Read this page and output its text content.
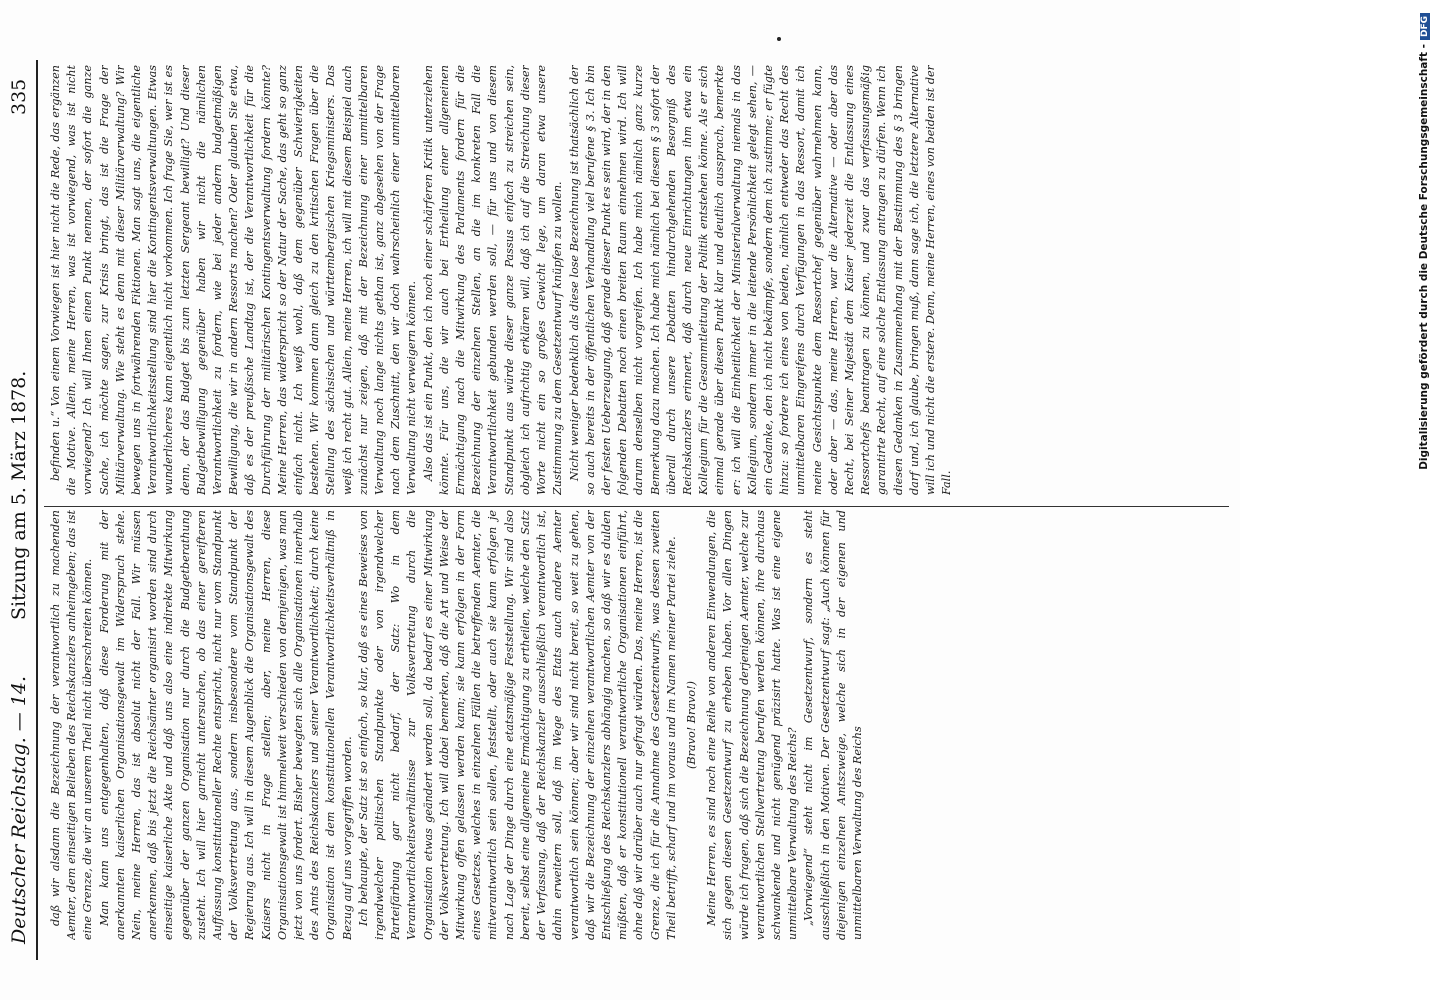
Deutscher Reichstag. — 14.
Sitzung am 5. März 1878.
335

daß wir alsdann die Bezeichnung der verantwortlich zu machenden Aemter, dem einseitigen Belieben des Reichskanzlers anheimgeben; das ist eine Grenze, die wir an unserem Theil nicht überschreiten können. Man kann uns entgegenhalten, daß diese Forderung mit der anerkannten kaiserlichen Organisationsgewalt im Widerspruch stehe. Nein, meine Herren, das ist absolut nicht der Fall. Wir müssen anerkennen, daß bis jetzt die Reichsämter organisirt worden sind durch einseitige kaiserliche Akte und daß uns also eine indirekte Mitwirkung gegenüber der ganzen Organisation nur durch die Budgetberathung zusteht. Ich will hier garnicht untersuchen, ob das einer gereifteren Auffassung konstitutioneller Rechte entspricht, nicht nur vom Standpunkt der Volksvertretung aus, sondern insbesondere vom Standpunkt der Regierung aus. Ich will in diesem Augenblick die Organisationsgewalt des Kaisers nicht in Frage stellen; aber, meine Herren, diese Organisationsgewalt ist himmelweit verschieden von demjenigen, was man jetzt von uns fordert. Bisher bewegten sich alle Organisationen innerhalb des Amts des Reichskanzlers und seiner Verantwortlichkeit; durch keine Organisation ist dem konstitutionellen Verantwortlichkeitsverhältniß in Bezug auf uns vorgegriffen worden. Ich behaupte, der Satz ist so einfach, so klar, daß es eines Beweises von irgendwelcher politischen Standpunkte oder von irgendwelcher Parteifärbung gar nicht bedarf, der Satz: Wo in dem Verantwortlichkeitsverhältnisse zur Volksvertretung durch die Organisation etwas geändert werden soll, da bedarf es einer Mitwirkung der Volksvertretung. Ich will dabei bemerken, daß die Art und Weise der Mitwirkung offen gelassen werden kann; sie kann erfolgen in der Form eines Gesetzes, welches in einzelnen Fällen die betreffenden Aemter, die mitverantwortlich sein sollen, feststellt, oder auch sie kann erfolgen je nach Lage der Dinge durch eine etatsmäßige Feststellung. Wir sind also bereit, selbst eine allgemeine Ermächtigung zu ertheilen, welche den Satz der Verfassung, daß der Reichskanzler ausschließlich verantwortlich ist, dahin erweitern soll, daß im Wege des Etats auch andere Aemter verantwortlich sein können; aber wir sind nicht bereit, so weit zu gehen, daß wir die Bezeichnung der einzelnen verantwortlichen Aemter von der Entschließung des Reichskanzlers abhängig machen, so daß wir es dulden müßten, daß er konstitutionell verantwortliche Organisationen einführt, ohne daß wir darüber auch nur gefragt würden. Das, meine Herren, ist die Grenze, die ich für die Annahme des Gesetzentwurfs, was dessen zweiten Theil betrifft, scharf und im voraus und im Namen meiner Partei ziehe. (Bravo! Bravo!) Meine Herren, es sind noch eine Reihe von anderen Einwendungen, die sich gegen diesen Gesetzentwurf zu erheben haben. Vor allen Dingen würde ich fragen, daß sich die Bezeichnung derjenigen Aemter, welche zur verantwortlichen Stellvertretung berufen werden können, ihre durchaus schwankende und nicht genügend präzisirt hatte. Was ist eine eigene unmittelbare Verwaltung des Reichs? „Vorwiegend“ steht nicht im Gesetzentwurf, sondern es steht ausschließlich in den Motiven. Der Gesetzentwurf sagt: „Auch können für diejenigen einzelnen Amtszweige, welche sich in der eigenen und unmittelbaren Verwaltung des Reichs

befinden u.“ Von einem Vorwiegen ist hier nicht die Rede, das ergänzen die Motive. Allein, meine Herren, was ist vorwiegend, was ist nicht vorwiegend? Ich will Ihnen einen Punkt nennen, der sofort die ganze Sache, ich möchte sagen, zur Krisis bringt, das ist die Frage der Militärverwaltung. Wie steht es denn mit dieser Militärverwaltung? Wir bewegen uns in fortwährenden Fiktionen. Man sagt uns, die eigentliche Verantwortlichkeitsstellung sind hier die Kontingentsverwaltungen. Etwas wunderlicheres kann eigentlich nicht vorkommen. Ich frage Sie, wer ist es denn, der das Budget bis zum letzten Sergeant bewilligt? Und dieser Budgetbewilligung gegenüber haben wir nicht die nämlichen Verantwortlichkeit zu fordern, wie bei jeder andern budgetmäßigen Bewilligung, die wir in andern Ressorts machen? Oder glauben Sie etwa, daß es der preußische Landtag ist, der die Verantwortlichkeit für die Durchführung der militärischen Kontingentsverwaltung fordern könnte? Meine Herren, das widerspricht so der Natur der Sache, das geht so ganz einfach nicht. Ich weiß wohl, daß dem gegenüber Schwierigkeiten bestehen. Wir kommen dann gleich zu den kritischen Fragen über die Stellung des sächsischen und württembergischen Kriegsministers. Das weiß ich recht gut. Allein, meine Herren, ich will mit diesem Beispiel auch zunächst nur zeigen, daß mit der Bezeichnung einer unmittelbaren Verwaltung noch lange nichts gethan ist, ganz abgesehen von der Frage nach dem Zuschnitt, den wir doch wahrscheinlich einer unmittelbaren Verwaltung nicht verweigern können. Also das ist ein Punkt, den ich noch einer schärferen Kritik unterziehen könnte. Für uns, die wir auch bei Ertheilung einer allgemeinen Ermächtigung nach die Mitwirkung des Parlaments fordern für die Bezeichnung der einzelnen Stellen, an die im konkreten Fall die Verantwortlichkeit gebunden werden soll, — für uns und von diesem Standpunkt aus würde dieser ganze Passus einfach zu streichen sein, obgleich ich aufrichtig erklären will, daß ich auf die Streichung dieser Worte nicht ein so großes Gewicht lege, um daran etwa unsere Zustimmung zu dem Gesetzentwurf knüpfen zu wollen. Nicht weniger bedenklich als diese lose Bezeichnung ist thatsächlich der so auch bereits in der öffentlichen Verhandlung viel berufene § 3. Ich bin der festen Ueberzeugung, daß gerade dieser Punkt es sein wird, der in den folgenden Debatten noch einen breiten Raum einnehmen wird. Ich will darum denselben nicht vorgreifen. Ich habe mich nämlich ganz kurze Bemerkung dazu machen. Ich habe mich nämlich bei diesem § 3 sofort der überall durch unsere Debatten hindurchgehenden Besorgniß des Reichskanzlers erinnert, daß durch neue Einrichtungen ihm etwa ein Kollegium für die Gesammtleitung der Politik entstehen könne. Als er sich einmal gerade über diesen Punkt klar und deutlich aussprach, bemerkte er: ich will die Einheitlichkeit der Ministerialverwaltung niemals in das Kollegium, sondern immer in die leitende Persönlichkeit gelegt sehen, — ein Gedanke, den ich nicht bekämpfe, sondern dem ich zustimme; er fügte hinzu: so fordere ich eines von beiden, nämlich entweder das Recht des unmittelbaren Eingreifens durch Verfügungen in das Ressort, damit ich meine Gesichtspunkte dem Ressortchef gegenüber wahrnehmen kann, oder aber — das, meine Herren, war die Alternative — oder aber das Recht, bei Seiner Majestät dem Kaiser jederzeit die Entlassung eines Ressortchefs beantragen zu können, und zwar das verfassungsmäßig garantirte Recht, auf eine solche Entlassung antragen zu dürfen. Wenn ich diesen Gedanken in Zusammenhang mit der Bestimmung des § 3 bringen darf und, ich glaube, bringen muß, dann sage ich, die letztere Alternative will ich und nicht die erstere. Denn, meine Herren, eines von beiden ist der Fall.

Digitalisierung gefördert durch die Deutsche Forschungsgemeinschaft -DFG
